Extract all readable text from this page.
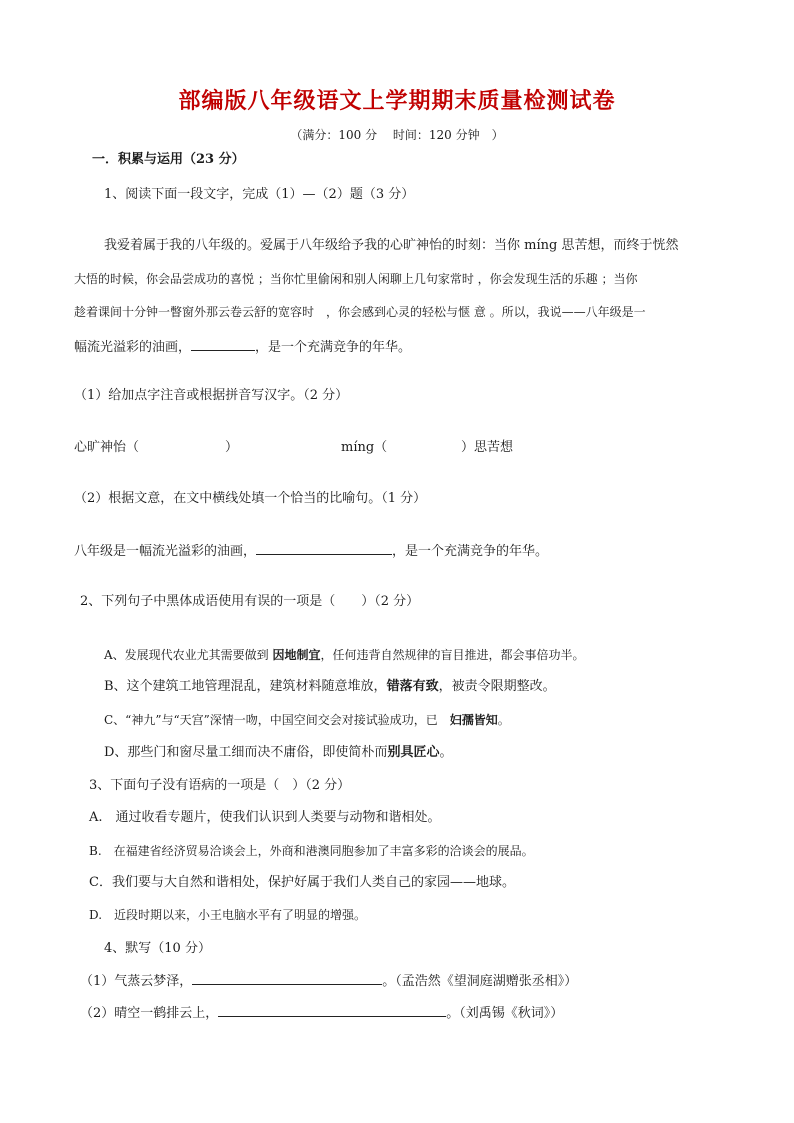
部编版八年级语文上学期期末质量检测试卷
（满分：100 分　 时间：120 分钟　）
一．积累与运用（23 分）
1、阅读下面一段文字，完成（1）—（2）题（3 分）
我爱着属于我的八年级的。爱属于八年级给予我的心旷神怡的时刻：当你 míng 思苦想，而终于恍然
大悟的时候，你会品尝成功的喜悦 ；当你忙里偷闲和别人闲聊上几句家常时 ，你会发现生活的乐趣 ；当你
趁着课间十分钟一瞥窗外那云卷云舒的宽容时　，你会感到心灵的轻松与惬 意 。所以，我说——八年级是一
幅流光溢彩的油画，	，是一个充满竞争的年华。
（1）给加点字注音或根据拼音写汉字。（2 分）
心旷神怡（	）	míng（	）思苦想
（2）根据文意，在文中横线处填一个恰当的比喻句。（1 分）
八年级是一幅流光溢彩的油画，	，是一个充满竞争的年华。
2、下列句子中黑体成语使用有误的一项是（　　）（2 分）
A、发展现代农业尤其需要做到 因地制宜，任何违背自然规律的盲目推进，都会事倍功半。
B、这个建筑工地管理混乱，建筑材料随意堆放，错落有致，被责令限期整改。
C、“神九”与“天宫”深情一吻，中国空间交会对接试验成功，已　妇孺皆知。
D、那些门和窗尽量工细而决不庸俗，即使简朴而别具匠心。
3、下面句子没有语病的一项是（　）（2 分）
A.　通过收看专题片，使我们认识到人类要与动物和谐相处。
B.　在福建省经济贸易洽谈会上，外商和港澳同胞参加了丰富多彩的洽谈会的展品。
C．我们要与大自然和谐相处，保护好属于我们人类自己的家园——地球。
D.　近段时期以来，小王电脑水平有了明显的增强。
4、默写（10 分）
（1）气蒸云梦泽，	。（孟浩然《望洞庭湖赠张丞相》）
（2）晴空一鹤排云上，	。（刘禹锡《秋词》）
